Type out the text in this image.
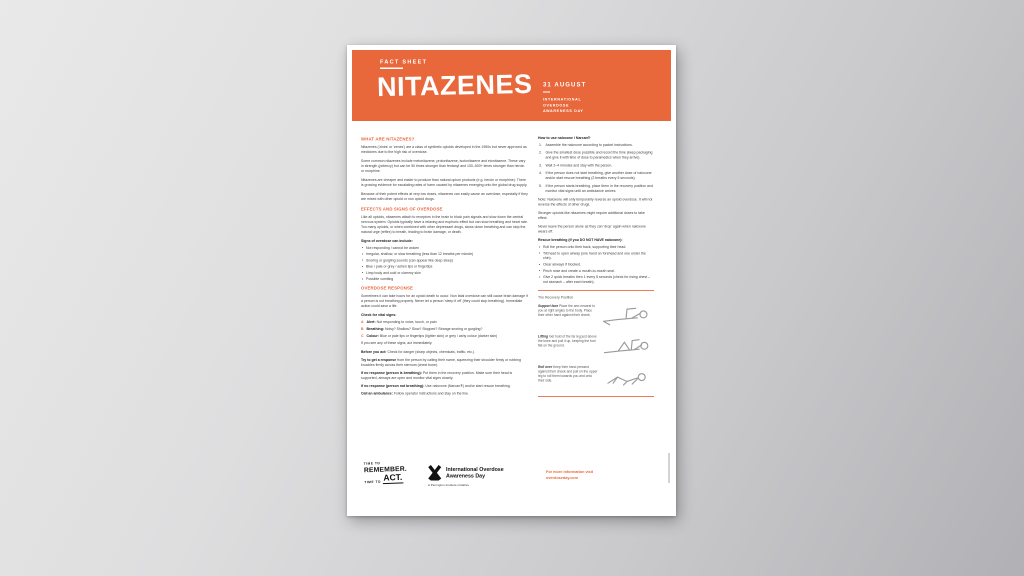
FACT SHEET
NITAZENES 31 AUGUST
INTERNATIONAL
OVERDOSE
AWARENESS DAY
WHAT ARE NITAZENES?

Nitazenes ('zines' or 'zenes') are a class of synthetic opioids developed in the 1950s but never approved as medicines due to the high risk of overdose.

Some common nitazenes include metonitazene, protonitazene, isotonitazene and etonitazene. These vary in strength (potency) but can be 50 times stronger than fentanyl and 100–500+ times stronger than heroin or morphine.

Nitazenes are cheaper and easier to produce than natural opium products (e.g. heroin or morphine). There is growing evidence for escalating rates of harm caused by nitazenes emerging onto the global drug supply.

Because of their potent effects at very low doses, nitazenes can easily cause an overdose, especially if they are mixed with other opioid or non opioid drugs.

EFFECTS AND SIGNS OF OVERDOSE

Like all opioids, nitazenes attach to receptors in the brain to block pain signals and slow down the central nervous system. Opioids typically have a relaxing and euphoric effect but can slow breathing and heart rate. Too many opioids, or when combined with other depressant drugs, slows down breathing and can stop the natural urge (reflex) to breath, leading to brain damage, or death.

Signs of overdose can include:

• Not responding / cannot be woken
• Irregular, shallow, or slow breathing (less than 12 breaths per minute)
• Snoring or gurgling sounds (can appear like deep sleep)
• Blue / pale or grey / ashen lips or fingertips
• Limp body and cold or clammy skin
• Possible vomiting
OVERDOSE RESPONSE

Sometimes it can take hours for an opioid death to occur. Non fatal overdose can still cause brain damage if a person is not breathing properly. Never let a person 'sleep it off' (they could stop breathing). Immediate action could save a life.

Check for vital signs:

A Alert: Not responding to voice, touch, or pain
B Breathing: Noisy? Shallow? Slow? Stopped? Strange snoring or gurgling?
C Colour: Blue or pale lips or fingertips (lighter skin) or grey / ashy colour (darker skin)

If you see any of these signs, act immediately.

Before you act: Check for danger (sharp objects, chemicals, traffic, etc.).

Try to get a response from the person by calling their name, squeezing their shoulder firmly or rubbing knuckles firmly across their sternum (chest bone).

If no response (person is breathing): Put them in the recovery position. Make sure their head is supported, airways are open and monitor vital signs closely.

If no response (person not breathing): Use naloxone (Narcan®) and/or start rescue breathing.

Call an ambulance: Follow operator instructions and stay on the line.

How to use naloxone / Narcan®

Assemble the naloxone according to packet instructions.
Give the smallest dose possible and record the time (keep packaging and give it with time of dose to paramedics when they arrive).
Wait 2–4 minutes and stay with the person.
If the person does not start breathing, give another dose of naloxone and/or start rescue breathing (2 breaths every 5 seconds).
If the person starts breathing, place them in the recovery position and monitor vital signs until an ambulance arrives.

Note: Naloxone will only temporarily reverse an opioid overdose. It will not reverse the effects of other drugs.

Stronger opioids like nitazenes might require additional doses to take effect.

Never leave the person alone as they can 'drop' again when naloxone wears off.

Rescue breathing (if you DO NOT HAVE naloxone):

• Roll the person onto their back, supporting their head.
• Tilt head to open airway (one hand on forehead and one under the chin).
• Clear airways if blocked.
• Pinch nose and create a mouth-to-mouth seal.
• Give 2 quick breaths then 1 every 5 seconds (check for rising chest – not stomach – after each breath).

The Recovery Position

Support face Place the arm nearest to you at right angles to the body. Place their other hand against their cheek.
Lifting Get hold of the far leg just above the knee and pull it up, keeping the foot flat on the ground.
Roll over Keep their hand pressed against their cheek and pull on the upper leg to roll them towards you and onto their side.
TIME TO
REMEMBER.
TIME TO ACT.
International Overdose
Awareness Day
A Penington Institute initiative
For more information visit
overdoseday.com
